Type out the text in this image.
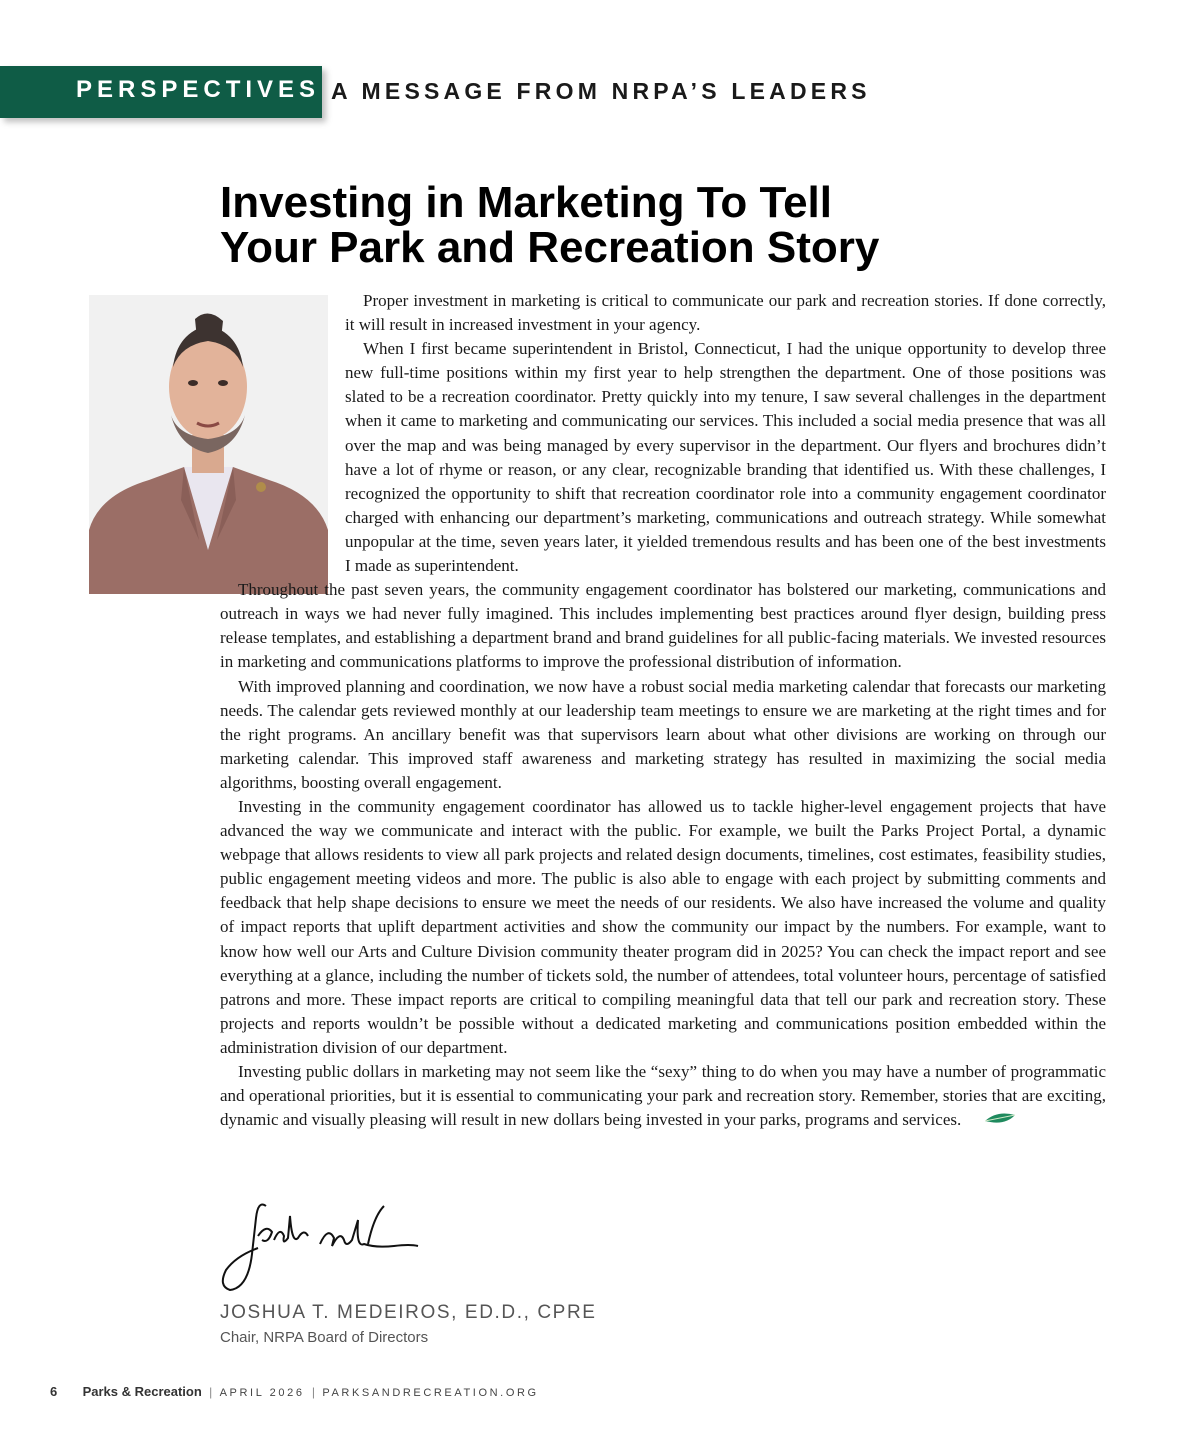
PERSPECTIVES A MESSAGE FROM NRPA’S LEADERS
Investing in Marketing To Tell
Your Park and Recreation Story

Proper investment in marketing is critical to communicate our park and recreation stories. If done correctly, it will result in increased investment in your agency.

When I first became superintendent in Bristol, Connecticut, I had the unique opportunity to develop three new full-time positions within my first year to help strengthen the department. One of those positions was slated to be a recreation coordinator. Pretty quickly into my tenure, I saw several challenges in the department when it came to marketing and communicating our services. This included a social media presence that was all over the map and was being managed by every supervisor in the department. Our flyers and brochures didn’t have a lot of rhyme or reason, or any clear, recognizable branding that identified us. With these challenges, I recognized the opportunity to shift that recreation coordinator role into a community engagement coordinator charged with enhancing our department’s marketing, communications and outreach strategy. While somewhat unpopular at the time, seven years later, it yielded tremendous results and has been one of the best investments I made as superintendent.

Throughout the past seven years, the community engagement coordinator has bolstered our marketing, communications and outreach in ways we had never fully imagined. This includes implementing best practices around flyer design, building press release templates, and establishing a department brand and brand guidelines for all public-facing materials. We invested resources in marketing and communications platforms to improve the professional distribution of information.

With improved planning and coordination, we now have a robust social media marketing calendar that forecasts our marketing needs. The calendar gets reviewed monthly at our leadership team meetings to ensure we are marketing at the right times and for the right programs. An ancillary benefit was that supervisors learn about what other divisions are working on through our marketing calendar. This improved staff awareness and marketing strategy has resulted in maximizing the social media algorithms, boosting overall engagement.

Investing in the community engagement coordinator has allowed us to tackle higher-level engagement projects that have advanced the way we communicate and interact with the public. For example, we built the Parks Project Portal, a dynamic webpage that allows residents to view all park projects and related design documents, timelines, cost estimates, feasibility studies, public engagement meeting videos and more. The public is also able to engage with each project by submitting comments and feedback that help shape decisions to ensure we meet the needs of our residents. We also have increased the volume and quality of impact reports that uplift department activities and show the community our impact by the numbers. For example, want to know how well our Arts and Culture Division community theater program did in 2025? You can check the impact report and see everything at a glance, including the number of tickets sold, the number of attendees, total volunteer hours, percentage of satisfied patrons and more. These impact reports are critical to compiling meaningful data that tell our park and recreation story. These projects and reports wouldn’t be possible without a dedicated marketing and communications position embedded within the administration division of our department.

Investing public dollars in marketing may not seem like the “sexy” thing to do when you may have a number of programmatic and operational priorities, but it is essential to communicating your park and recreation story. Remember, stories that are exciting, dynamic and visually pleasing will result in new dollars being invested in your parks, programs and services.

JOSHUA T. MEDEIROS, ED.D., CPRE
Chair, NRPA Board of Directors
6 Parks & Recreation | APRIL 2026 | PARKSANDRECREATION.ORG
